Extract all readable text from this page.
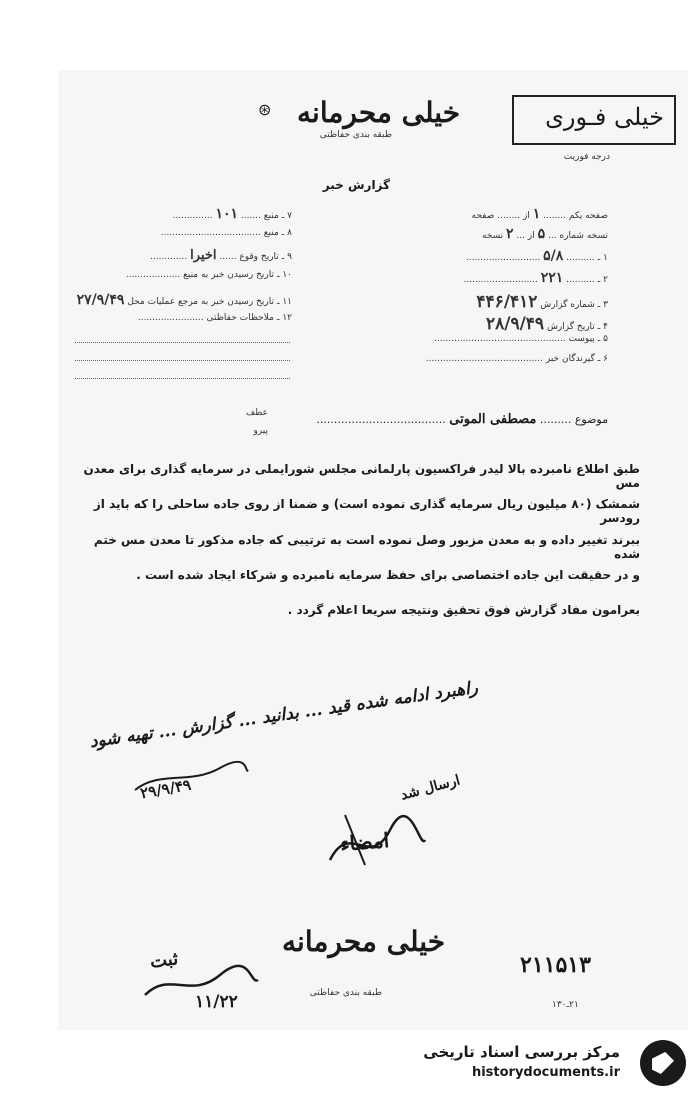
خیلی فـوری
خیلی محرمانه
طبقه بندی حفاظتی
درجه فوریت
گزارش خبر
⊛
صفحه یکم ........ ۱ از ........ صفحه
نسخه شماره ... ۵ از ... ۲ نسخه
۱ ـ .......... ۵/۸ ..........................
۲ ـ .......... ۲۲۱ ..........................
۳ ـ شماره گزارش ۴۴۶/۴۱۲
۴ ـ تاریخ گزارش ۲۸/۹/۴۹
۵ ـ پیوست ..............................................
۶ ـ گیرندگان خبر .........................................
۷ ـ منبع ....... ۱۰۱ ..............
۸ ـ منبع ...................................
۹ ـ تاریخ وقوع ...... اخیرا .............
۱۰ ـ تاریخ رسیدن خبر به منبع ...................
۱۱ ـ تاریخ رسیدن خبر به مرجع عملیات محل ۲۷/۹/۴۹
۱۲ ـ ملاحظات حفاظتی .......................
موضوع ......... مصطفی الموتی .....................................
عطف
پیرو
طبق اطلاع نامبرده بالا لیدر فراکسیون پارلمانی مجلس شورایملی در سرمایه گذاری برای معدن مس
شمشک (۸۰ میلیون ریال سرمایه گذاری نموده است) و ضمنا از روی جاده ساحلی را که باید از رودسر
ببرند تغییر داده و به معدن مزبور وصل نموده است به ترتیبی که جاده مذکور تا معدن مس ختم شده
و در حقیقت این جاده اختصاصی برای حفظ سرمایه نامبرده و شرکاء ایجاد شده است .
بعرامون مفاد گزارش فوق تحقیق ونتیجه سریعا اعلام گردد .
راهبرد ادامه شده قید ... بدانید ... گزارش ... تهیه شود
۲۹/۹/۴۹	ارسال شد
امضاء
ثبت
۱۱/۲۲
خیلی محرمانه
طبقه بندی حفاظتی
۲۱۱۵۱۳
۲۱ـ۱۳۰
مرکز بررسی اسناد تاریخی
historydocuments.ir
